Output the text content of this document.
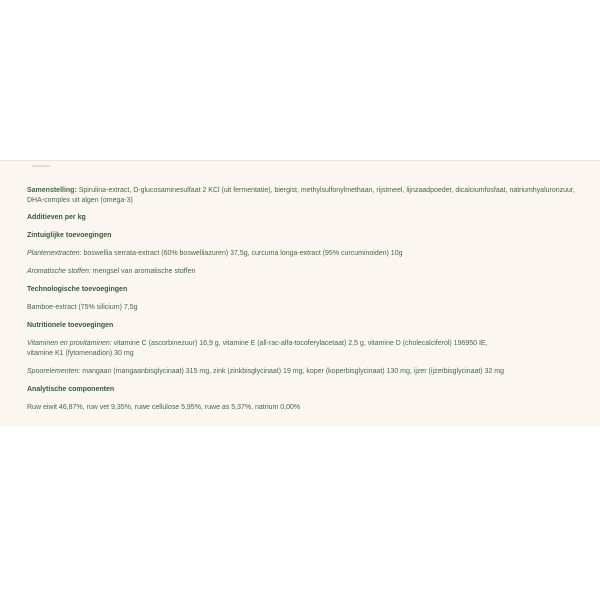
Samenstelling: Spirulina-extract, D-glucosaminesulfaat 2 KCl (uit fermentatie), biergist, methylsulfonylmethaan, rijstmeel, lijnzaadpoeder, dicalciumfosfaat, natriumhyaluronzuur, DHA-complex uit algen (omega-3)

Additieven per kg

Zintuiglijke toevoegingen

Plantenextracten: boswellia serrata-extract (60% boswelliazuren) 37,5g, curcuma longa-extract (95% curcuminoiden) 10g

Aromatische stoffen: mengsel van aromatische stoffen

Technologische toevoegingen

Bamboe-extract (75% silicium) 7,5g

Nutritionele toevoegingen

Vitaminen en provitaminen: vitamine C (ascorbinezuur) 16,9 g, vitamine E (all-rac-alfa-tocoferylacetaat) 2,5 g, vitamine D (cholecalciferol) 196950 IE,

vitamine K1 (fytomenadion) 30 mg

Spoorelementen: mangaan (mangaanbisglycinaat) 315 mg, zink (zinkbisglycinaat) 19 mg, koper (koperbisglycinaat) 130 mg, ijzer (ijzerbisglycinaat) 32 mg

Analytische componenten

Ruw eiwit 46,87%, ruw vet 9,35%, ruwe cellulose 5,95%, ruwe as 5,37%, natrium 0,00%
